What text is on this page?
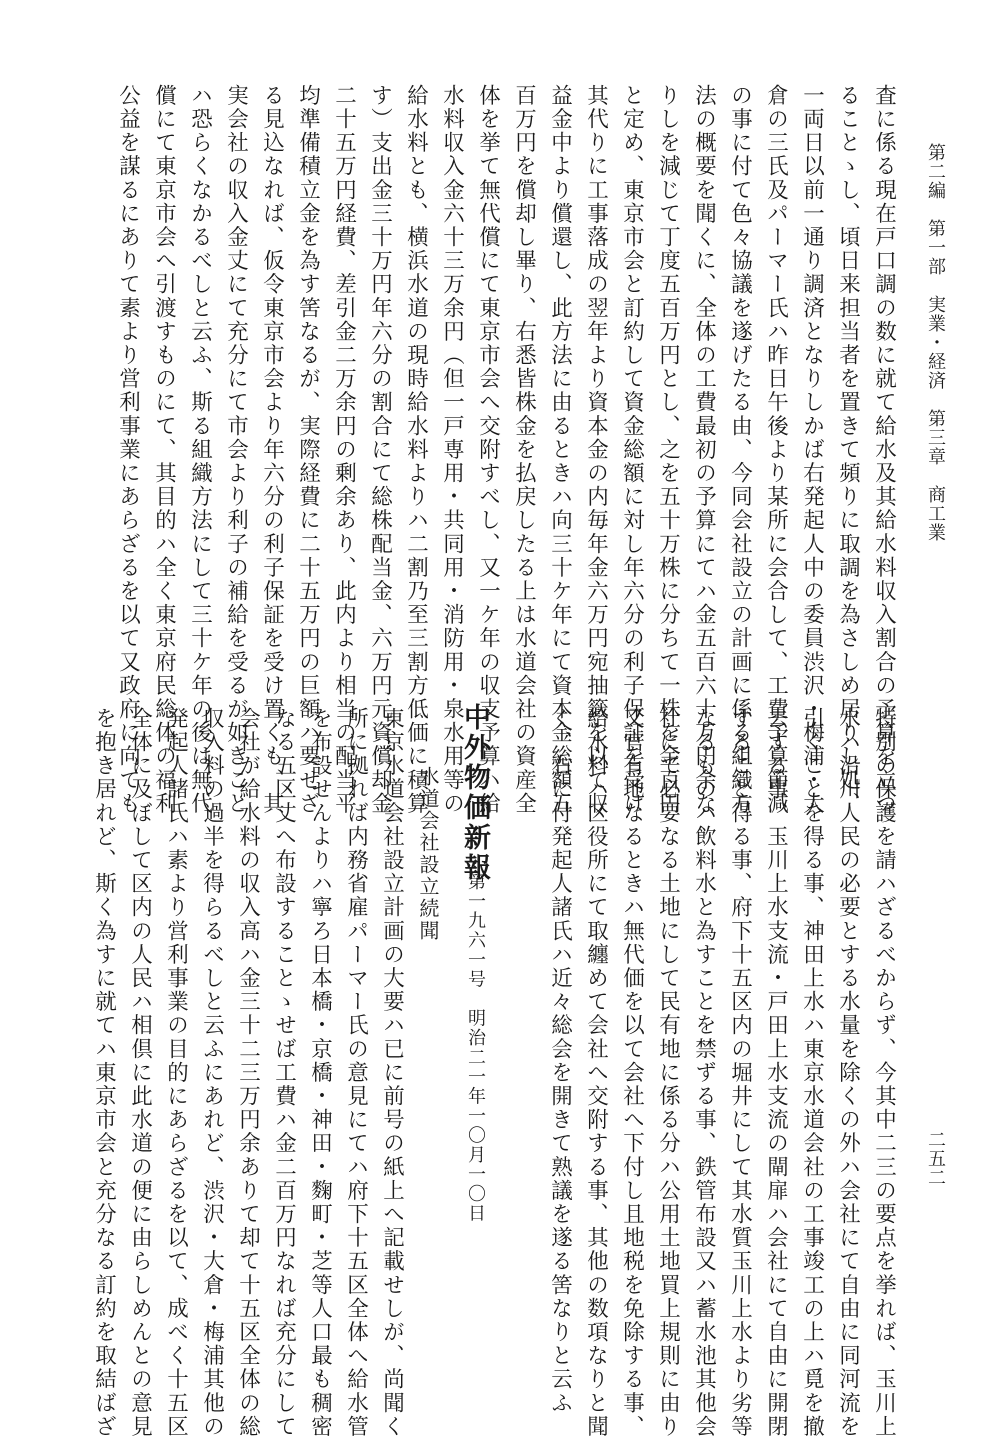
第二編　第一部　実業・経済　第三章　商工業
二五二
査に係る現在戸口調の数に就て給水及其給水料収入割合の予算を立つ
ることゝし、頃日来担当者を置きて頻りに取調を為さしめ居りし処、
一両日以前一通り調済となりしかば右発起人中の委員渋沢・梅浦・大
倉の三氏及パーマー氏ハ昨日午後より某所に会合して、工費予算節減
の事に付て色々協議を遂げたる由、今同会社設立の計画に係る組織方
法の概要を聞くに、全体の工費最初の予算にてハ金五百六十万円余な
りしを減じて丁度五百万円とし、之を五十万株に分ちて一株を金百円
と定め、東京市会と訂約して資金総額に対し年六分の利子保証を受け
其代りに工事落成の翌年より資本金の内毎年金六万円宛抽籤を以て収
益金中より償還し、此方法に由るときハ向三十ケ年にて資本金総額五
百万円を償却し畢り、右悉皆株金を払戻したる上は水道会社の資産全
体を挙て無代償にて東京市会へ交附すべし、又一ケ年の収支予算ハ給
水料収入金六十三万余円（但一戸専用・共同用・消防用・泉水用等の
給水料とも、横浜水道の現時給水料よりハ二割乃至三割方低価に積算
す）支出金三十万円年六分の割合にて総株配当金、六万円元資償却金
二十五万円経費、差引金二万余円の剰余あり、此内より相当の配当平
均準備積立金を為す筈なるが、実際経費に二十五万円の巨額ハ要せざ
る見込なれば、仮令東京市会より年六分の利子保証を受け置くも、其
実会社の収入金丈にて充分にて市会より利子の補給を受るが如きこと
ハ恐らくなかるべしと云ふ、斯る組織方法にして三十ケ年の後は無代
償にて東京市会へ引渡すものにて、其目的ハ全く東京府民総体の福利
公益を謀るにありて素より営利事業にあらざるを以て又政府に向ても
特別の保護を請ハざるべからず、今其中二三の要点を挙れば、玉川上
水ハ沿川人民の必要とする水量を除くの外ハ会社にて自由に同河流を
引くことを得る事、神田上水ハ東京水道会社の工事竣工の上ハ覓を撤
去する事、玉川上水支流・戸田上水支流の閘扉ハ会社にて自由に開閉
すること得る事、府下十五区内の堀井にして其水質玉川上水より劣等
なるものハ飲料水と為すことを禁ずる事、鉄管布設又ハ蓄水池其他会
社にて必要なる土地にして民有地に係る分ハ公用土地買上規則に由り
又官有地なるときハ無代価を以て会社へ下付し且地税を免除する事、
給水料ハ区役所にて取纏めて会社へ交附する事、其他の数項なりと聞
く、右に付発起人諸氏ハ近々総会を開きて熟議を遂る筈なりと云ふ
中外物価新報
第一九六一号　明治二一年一〇月一〇日
水道会社設立続聞
東京水道会社設立計画の大要ハ已に前号の紙上へ記載せしが、尚聞く
所に拠れば内務省雇パーマー氏の意見にてハ府下十五区全体へ給水管
を布設せんよりハ寧ろ日本橋・京橋・神田・麴町・芝等人口最も稠密
なる五区丈へ布設することゝせば工費ハ金二百万円なれば充分にして
会社が給水料の収入高ハ金三十二三万円余ありて却て十五区全体の総
収入料の過半を得らるべしと云ふにあれど、渋沢・大倉・梅浦其他の
発起人諸氏ハ素より営利事業の目的にあらざるを以て、成べく十五区
全体に及ぼして区内の人民ハ相倶に此水道の便に由らしめんとの意見
を抱き居れど、斯く為すに就てハ東京市会と充分なる訂約を取結ばざ
